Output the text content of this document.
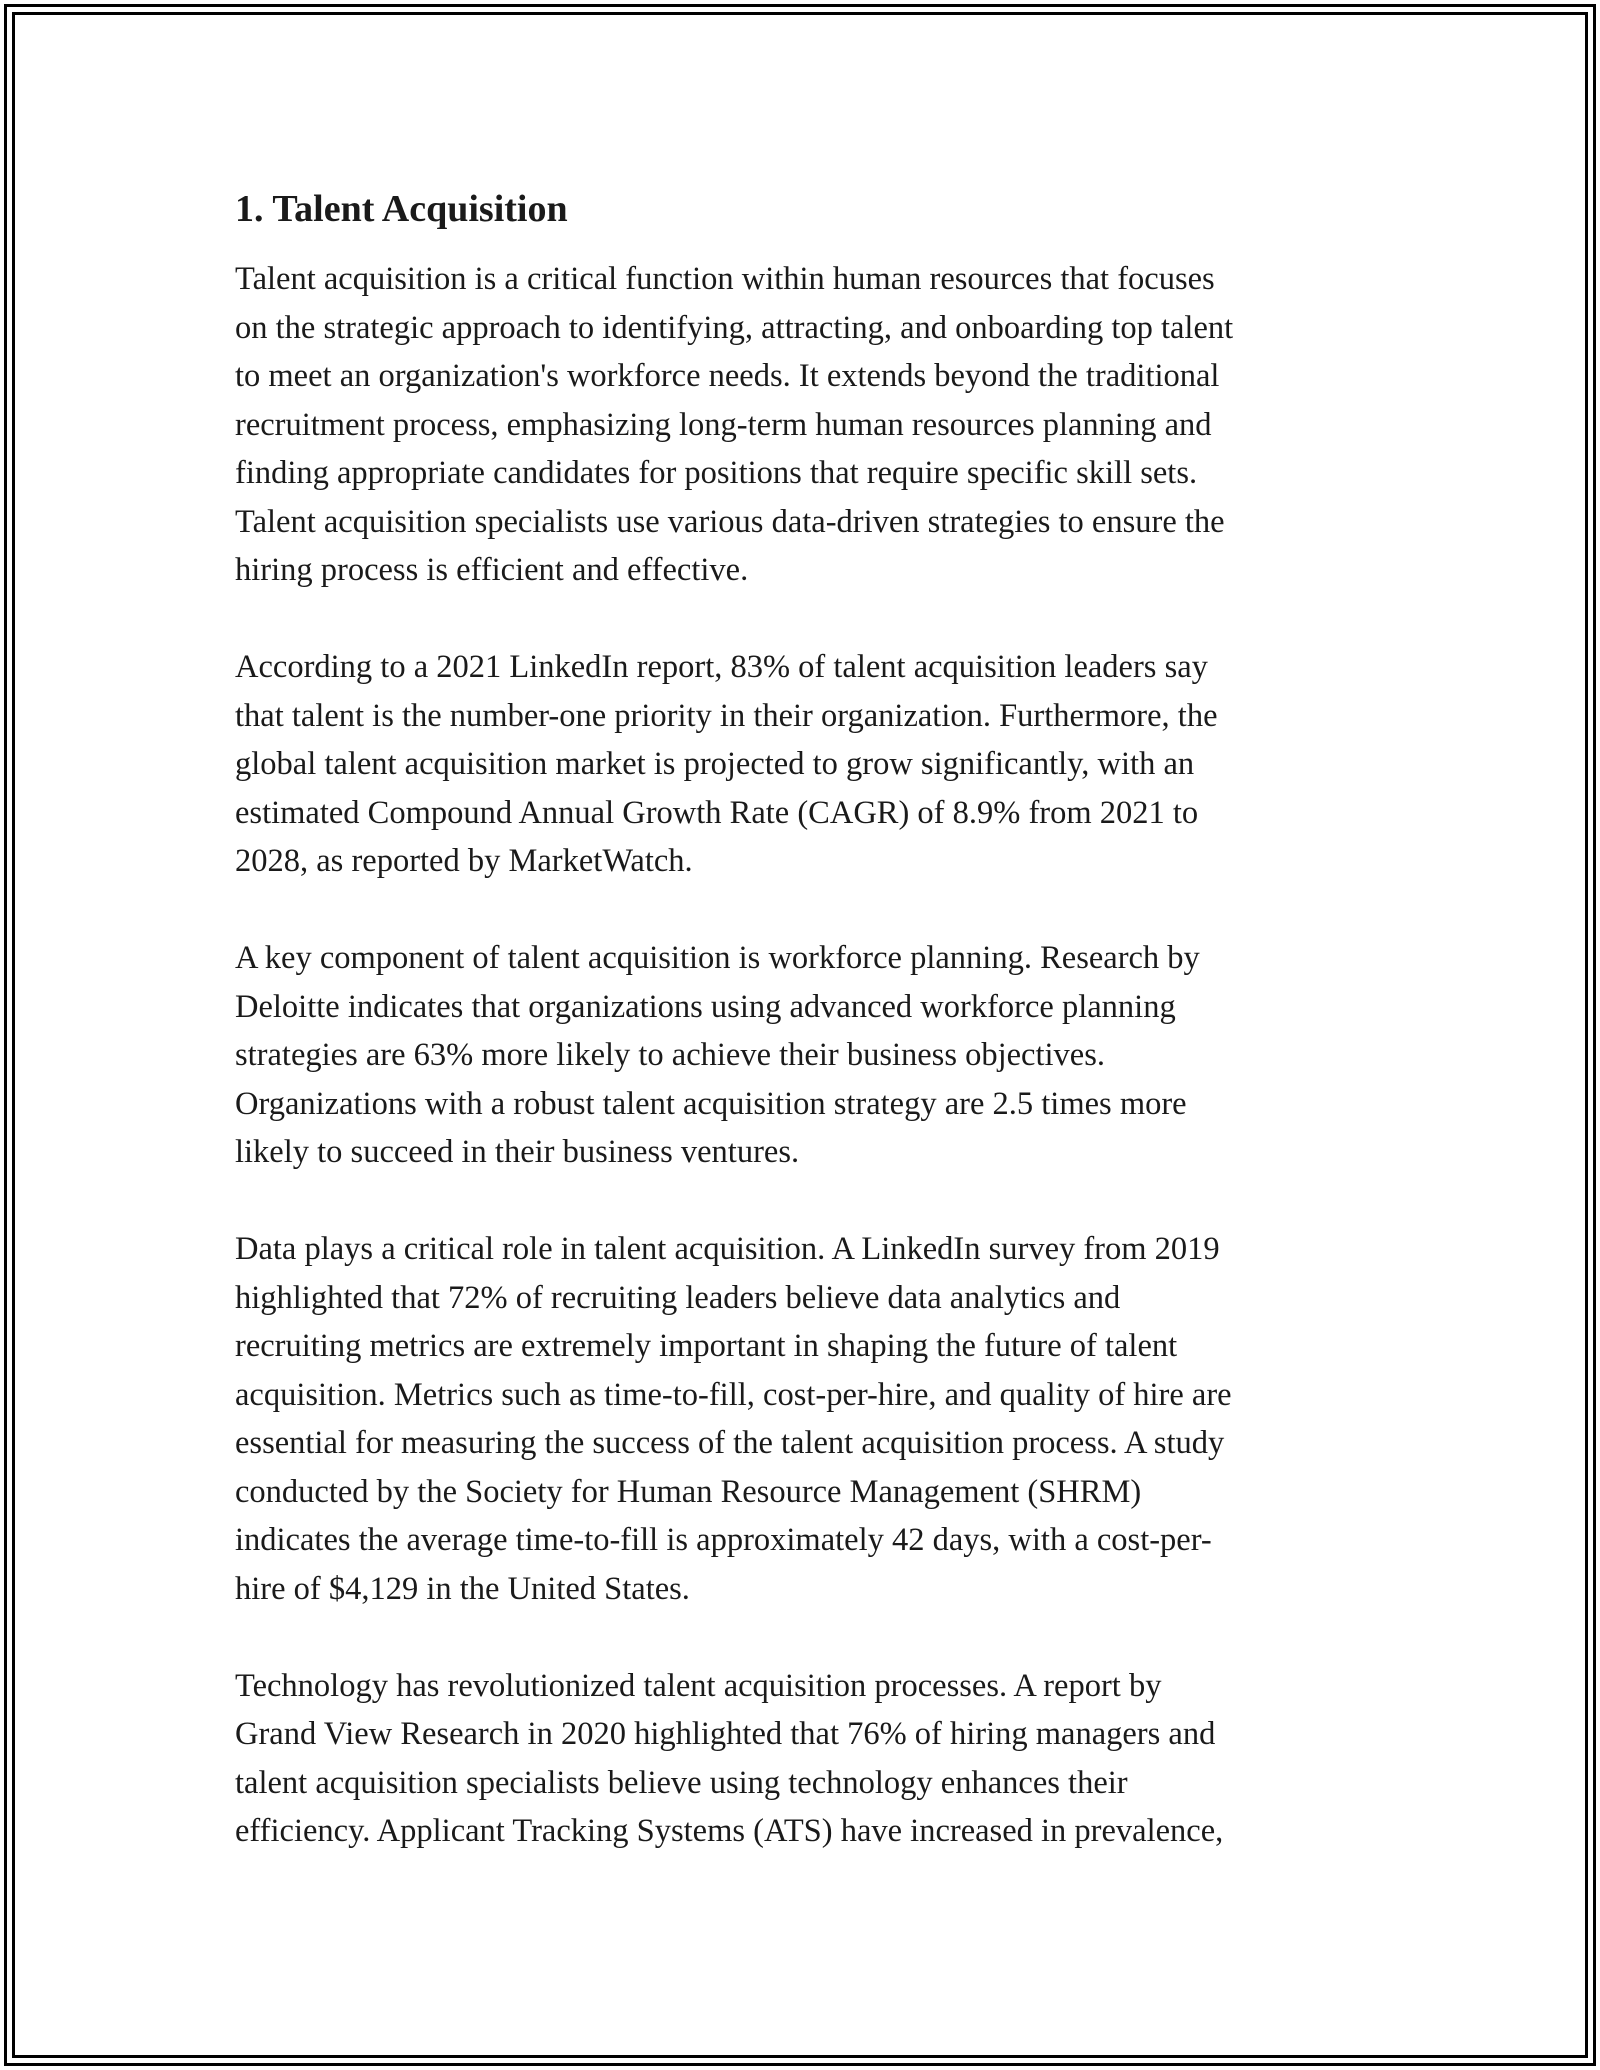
1. Talent Acquisition

Talent acquisition is a critical function within human resources that focuses
on the strategic approach to identifying, attracting, and onboarding top talent
to meet an organization's workforce needs. It extends beyond the traditional
recruitment process, emphasizing long-term human resources planning and
finding appropriate candidates for positions that require specific skill sets.
Talent acquisition specialists use various data-driven strategies to ensure the
hiring process is efficient and effective.

According to a 2021 LinkedIn report, 83% of talent acquisition leaders say
that talent is the number-one priority in their organization. Furthermore, the
global talent acquisition market is projected to grow significantly, with an
estimated Compound Annual Growth Rate (CAGR) of 8.9% from 2021 to
2028, as reported by MarketWatch.

A key component of talent acquisition is workforce planning. Research by
Deloitte indicates that organizations using advanced workforce planning
strategies are 63% more likely to achieve their business objectives.
Organizations with a robust talent acquisition strategy are 2.5 times more
likely to succeed in their business ventures.

Data plays a critical role in talent acquisition. A LinkedIn survey from 2019
highlighted that 72% of recruiting leaders believe data analytics and
recruiting metrics are extremely important in shaping the future of talent
acquisition. Metrics such as time-to-fill, cost-per-hire, and quality of hire are
essential for measuring the success of the talent acquisition process. A study
conducted by the Society for Human Resource Management (SHRM)
indicates the average time-to-fill is approximately 42 days, with a cost-per-
hire of $4,129 in the United States.

Technology has revolutionized talent acquisition processes. A report by
Grand View Research in 2020 highlighted that 76% of hiring managers and
talent acquisition specialists believe using technology enhances their
efficiency. Applicant Tracking Systems (ATS) have increased in prevalence,
